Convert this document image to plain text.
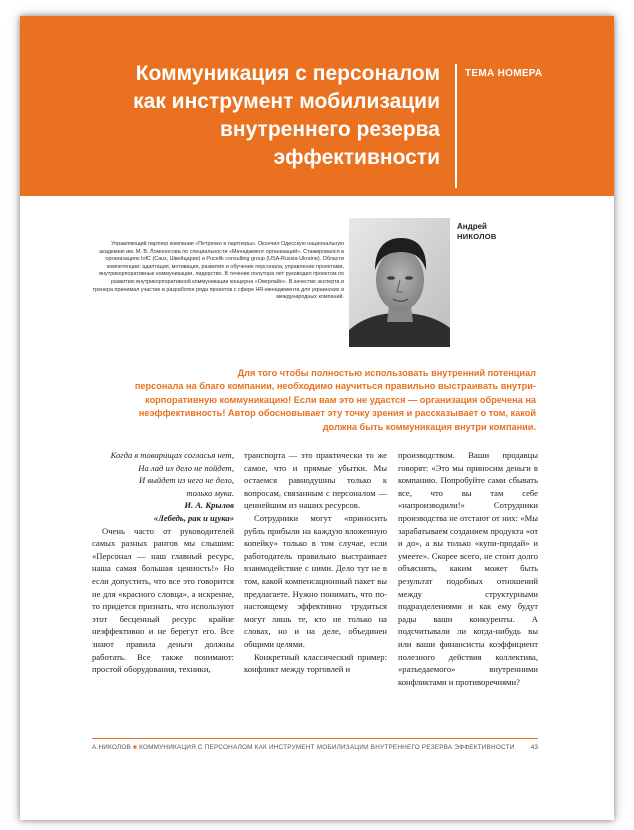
Коммуникация с персоналом
как инструмент мобилизации
внутреннего резерва
эффективности
ТЕМА НОМЕРА
Андрей
НИКОЛОВ

Управляющий партнер компании «Петренко и партнеры». Окончил Одесскую национальную академию им. М. В. Ломоносова по специальности «Менеджмент организаций». Стажировался в организациях IofC (Caux, Швейцария) и Pucelik consulting group (USA-Russia-Ukraine). Области компетенции: адаптация, мотивация, развитие и обучение персонала, управление проектами, внутрикорпоративные коммуникации, лидерство. В течение полутора лет руководил проектом по развитию внутрикорпоративной коммуникации концерна «Оверлайн». В качестве эксперта и тренера принимал участие в разработке ряда проектов с сфере HR-менеджмента для украинских и международных компаний.

Для того чтобы полностью использовать внутренний потенциал
персонала на благо компании, необходимо научиться правильно выстраивать внутри-
корпоративную коммуникацию! Если вам это не удастся — организация обречена на
неэффективность! Автор обосновывает эту точку зрения и рассказывает о том, какой
должна быть коммуникация внутри компании.

Когда в товарищах согласья нет,
На лад их дело не пойдет,
И выйдет из него не дело,
только мука.

И. А. Крылов

«Лебедь, рак и щука»

Очень часто от руководителей самых разных рангов мы слышим: «Персонал — наш главный ресурс, наша самая большая ценность!» Но если допустить, что все это говорится не для «красного словца», а искренне, то придется признать, что используют этот бесценный ресурс крайне неэффективно и не берегут его. Все знают правила деньги должны работать. Все также понимают: простой оборудования, техники,

транспорта — это практически то же самое, что и прямые убытки. Мы остаемся равнодушны только к вопросам, связанным с персоналом — ценнейшим из наших ресурсов.

Сотрудники могут «приносить рубль прибыли на каждую вложенную копейку» только в том случае, если работодатель правильно выстраивает взаимодействие с ними. Дело тут не в том, какой компенсационный пакет вы предлагаете. Нужно понимать, что по-настоящему эффективно трудиться могут лишь те, кто не только на словах, но и на деле, объединен общими целями.

Конкретный классический пример: конфликт между торговлей и

производством. Ваши продавцы говорят: «Это мы приносим деньги в компанию. Попробуйте сами сбывать все, что вы там себе «напроизводили!» Сотрудники производства не отстают от них: «Мы зарабатываем созданием продукта «от и до», а вы только «купи-продай» и умеете». Скорее всего, не стоит долго объяснять, каким может быть результат подобных отношений между структурными подразделениями и как ему будут рады ваши конкуренты. А подсчитывали ли когда-нибудь вы или ваши финансисты коэффициент полезного действия коллектива, «разъедаемого» внутренними конфликтами и противоречиями?

А.НИКОЛОВ ■ КОММУНИКАЦИЯ С ПЕРСОНАЛОМ КАК ИНСТРУМЕНТ МОБИЛИЗАЦИИ ВНУТРЕННЕГО РЕЗЕРВА ЭФФЕКТИВНОСТИ	43
